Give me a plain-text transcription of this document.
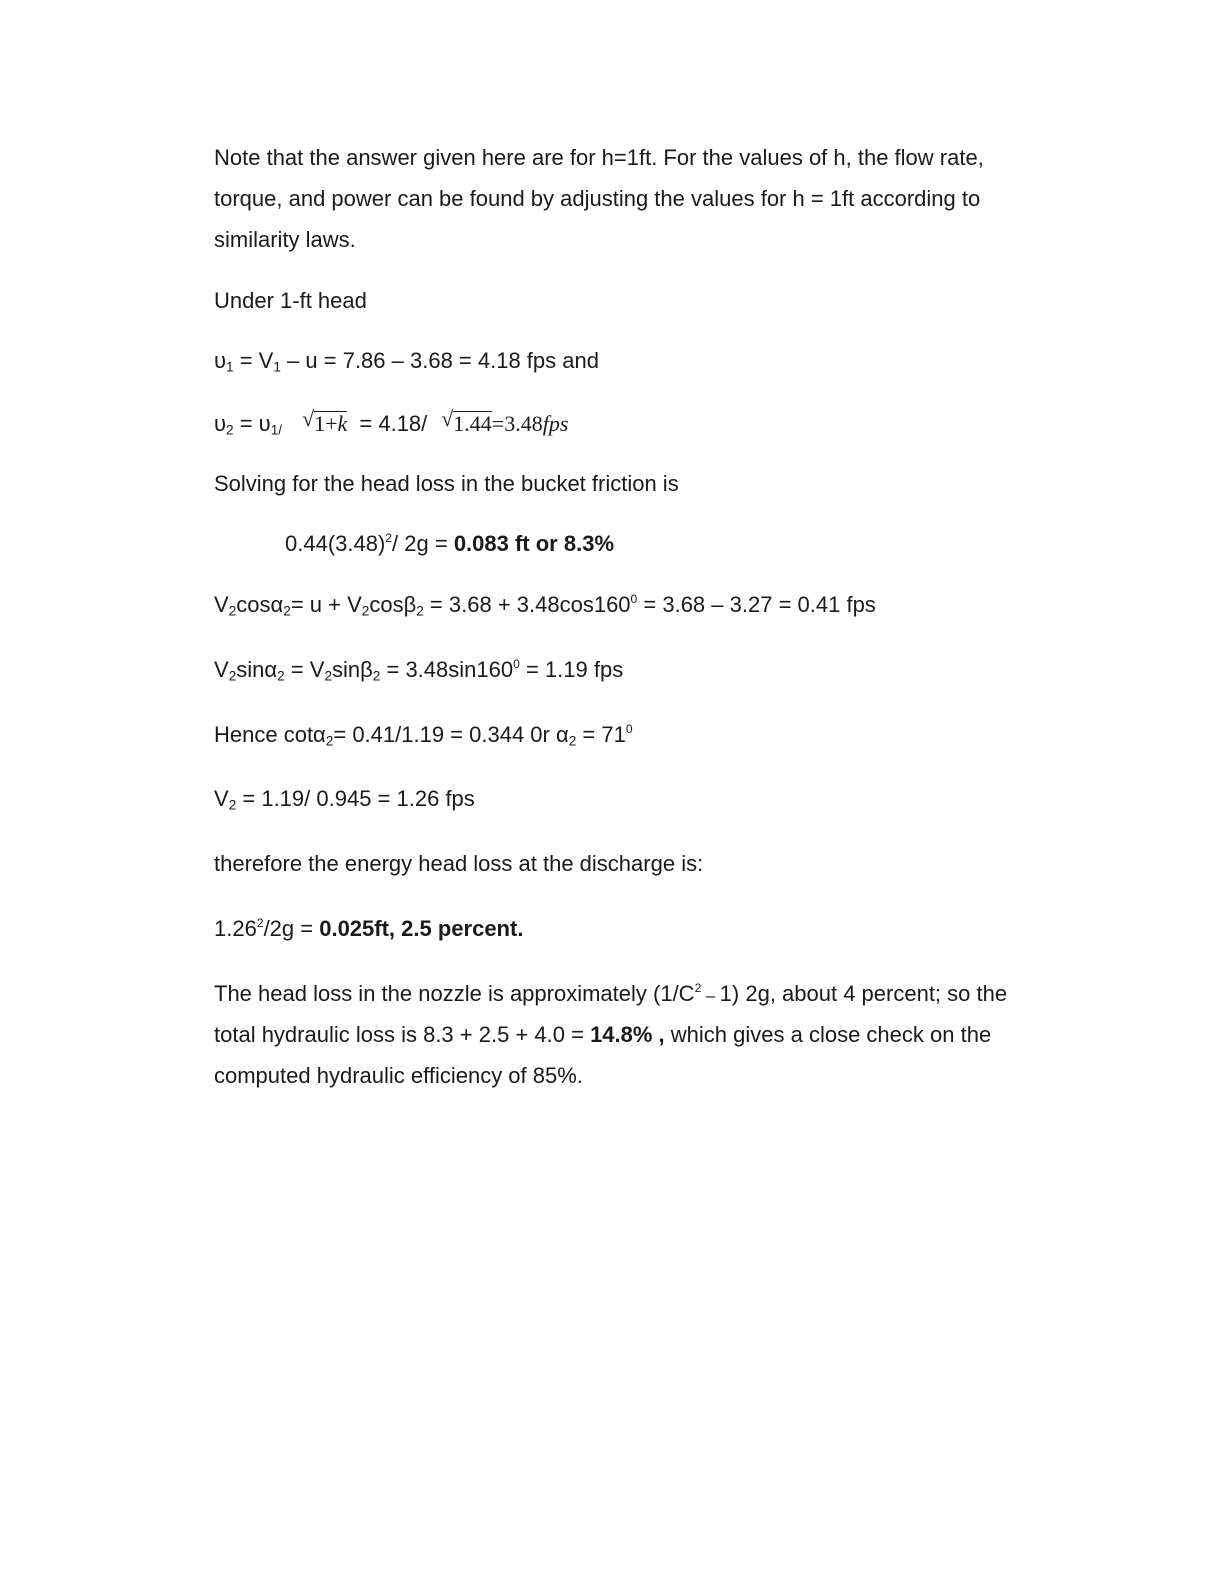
Note that the answer given here are for h=1ft. For the values of h, the flow rate,
torque, and power can be found by adjusting the values for h = 1ft according to
similarity laws.
Under 1-ft head
$\upsilon_1 = V_1 - u = 7.86 - 3.68 = 4.18$ fps and
$\upsilon_2 = \upsilon_{1/}$ √ 1+k = 4.18/ √ 1.44=3.48fps
Solving for the head loss in the bucket friction is
$0.44(3.48)^2/$ 2g = 0.083 ft or 8.3%
$V_2\cos\alpha_2= u + V_2\cos\beta_2 = 3.68 + 3.48\cos 160^0 = 3.68 - 3.27 = 0.41$ fps
$V_2\sin\alpha_2 = V_2\sin\beta_2 = 3.48\sin 160^0 = 1.19$ fps
Hence cotα$_2$= 0.41/1.19 = 0.344 0r $\alpha_2 = 71^0$
$V_2 = 1.19/$ 0.945 = 1.26 fps
therefore the energy head loss at the discharge is:
$1.26^2/2g = 0.025ft$, 2.5 percent.
The head loss in the nozzle is approximately $(1/C^2 - 1)$ 2g, about 4 percent; so the
total hydraulic loss is 8.3 + 2.5 + 4.0 = 14.8% , which gives a close check on the
computed hydraulic efficiency of 85%.
